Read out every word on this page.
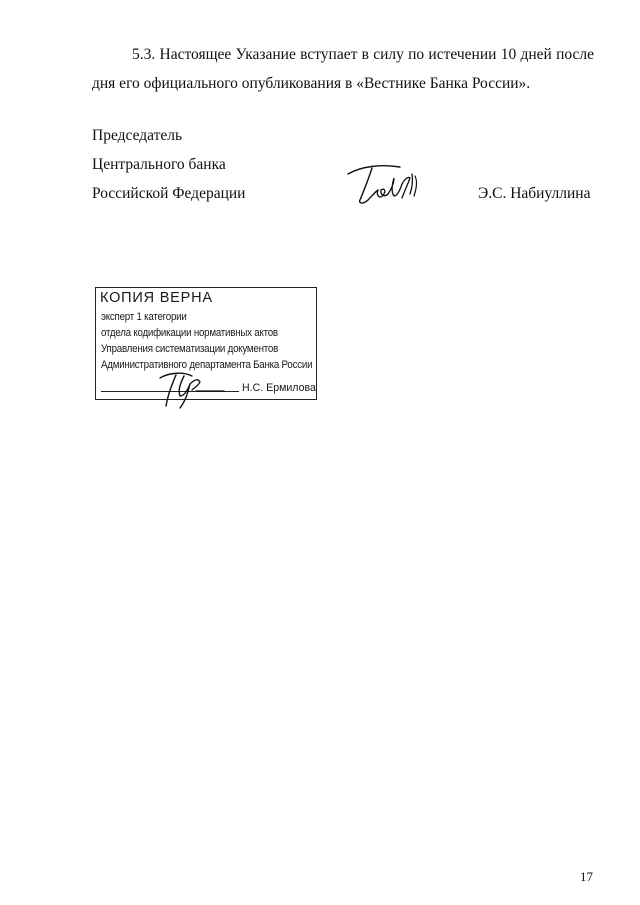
5.3. Настоящее Указание вступает в силу по истечении 10 дней после
дня его официального опубликования в «Вестнике Банка России».
Председатель
Центрального банка
Российской Федерации	Э.С. Набиуллина
КОПИЯ ВЕРНА
эксперт 1 категории
отдела кодификации нормативных актов
Управления систематизации документов
Административного департамента Банка России
Н.С. Ермилова
17
